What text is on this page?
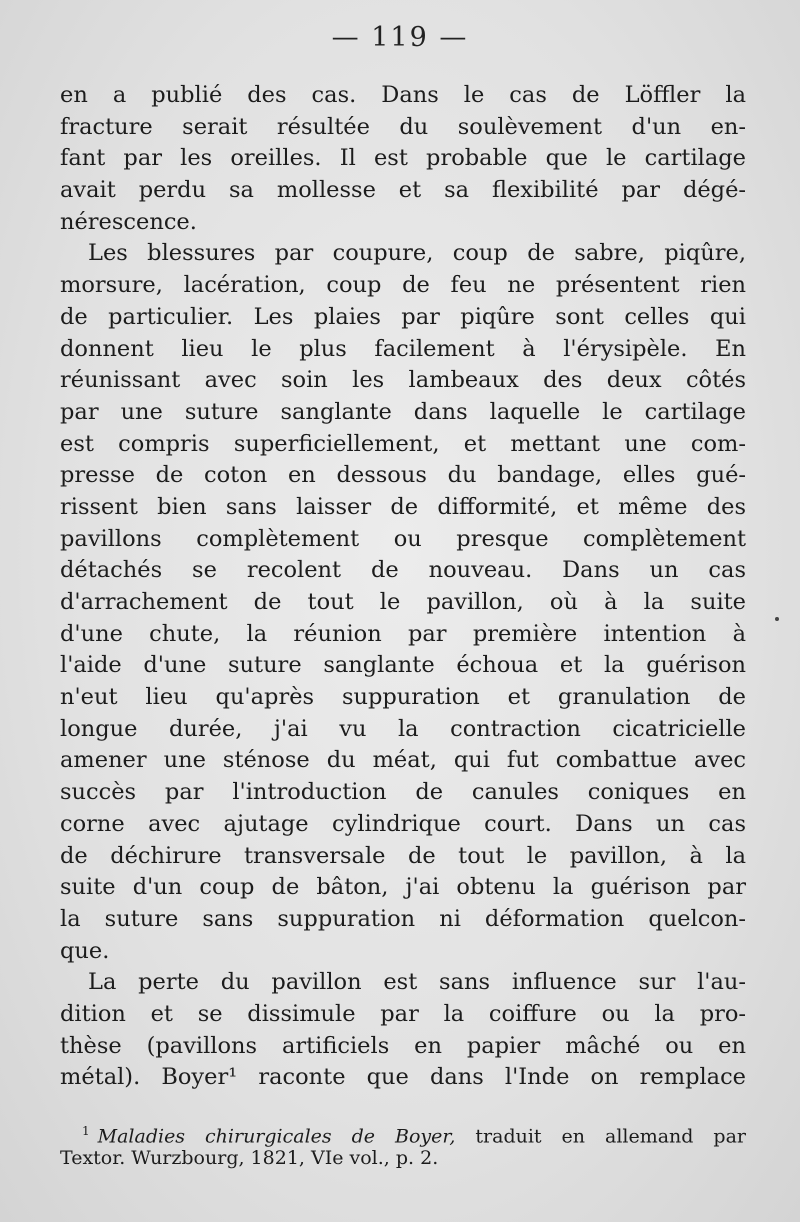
— 119 —
en a publié des cas. Dans le cas de Löffler la
fracture serait résultée du soulèvement d'un en-
fant par les oreilles. Il est probable que le cartilage
avait perdu sa mollesse et sa flexibilité par dégé-
nérescence.
Les blessures par coupure, coup de sabre, piqûre,
morsure, lacération, coup de feu ne présentent rien
de particulier. Les plaies par piqûre sont celles qui
donnent lieu le plus facilement à l'érysipèle. En
réunissant avec soin les lambeaux des deux côtés
par une suture sanglante dans laquelle le cartilage
est compris superficiellement, et mettant une com-
presse de coton en dessous du bandage, elles gué-
rissent bien sans laisser de difformité, et même des
pavillons complètement ou presque complètement
détachés se recolent de nouveau. Dans un cas
d'arrachement de tout le pavillon, où à la suite
d'une chute, la réunion par première intention à
l'aide d'une suture sanglante échoua et la guérison
n'eut lieu qu'après suppuration et granulation de
longue durée, j'ai vu la contraction cicatricielle
amener une sténose du méat, qui fut combattue avec
succès par l'introduction de canules coniques en
corne avec ajutage cylindrique court. Dans un cas
de déchirure transversale de tout le pavillon, à la
suite d'un coup de bâton, j'ai obtenu la guérison par
la suture sans suppuration ni déformation quelcon-
que.
La perte du pavillon est sans influence sur l'au-
dition et se dissimule par la coiffure ou la pro-
thèse (pavillons artificiels en papier mâché ou en
métal). Boyer¹ raconte que dans l'Inde on remplace
$^1$ Maladies chirurgicales de Boyer, traduit en allemand par
Textor. Wurzbourg, 1821, VIe vol., p. 2.
